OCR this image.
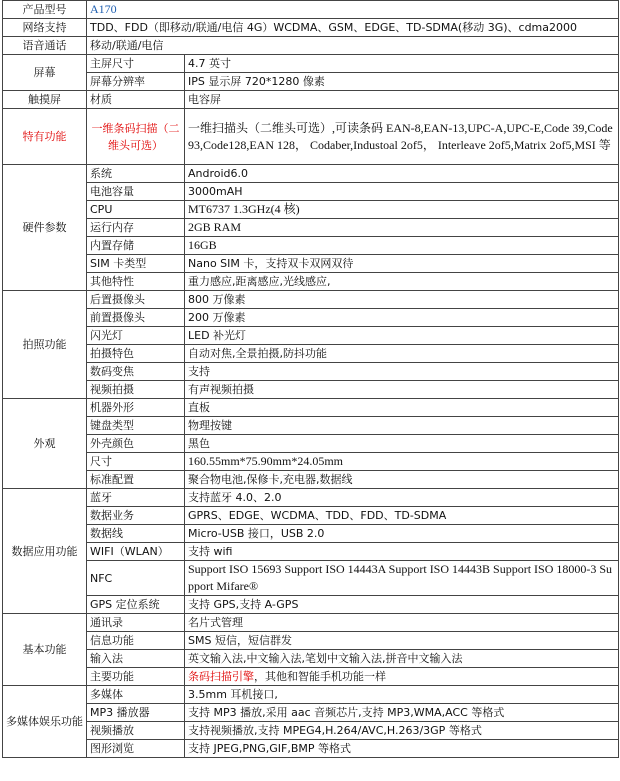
产品型号	A170	
网络支持	TDD、FDD（即移动/联通/电信 4G）WCDMA、GSM、EDGE、TD-SDMA(移动 3G)、cdma2000	
语音通话	移动/联通/电信	
屏幕	主屏尺寸	4.7 英寸
	屏幕分辨率	IPS 显示屏 720*1280 像素
触摸屏	材质	电容屏
特有功能	一维条码扫描（二维头可选）	一维扫描头（二维头可选）,可读条码 EAN-8,EAN-13,UPC-A,UPC-E,Code 39,Code 93,Code128,EAN 128， Codaber,Industoal 2of5， Interleave 2of5,Matrix 2of5,MSI 等
硬件参数	系统	Android6.0
	电池容量	3000mAH
	CPU	MT6737 1.3GHz(4 核)
	运行内存	2GB RAM
	内置存储	16GB
	SIM 卡类型	Nano SIM 卡，支持双卡双网双待
	其他特性	重力感应,距离感应,光线感应,
拍照功能	后置摄像头	800 万像素
	前置摄像头	200 万像素
	闪光灯	LED 补光灯
	拍摄特色	自动对焦,全景拍摄,防抖功能
	数码变焦	支持
	视频拍摄	有声视频拍摄
外观	机器外形	直板
	键盘类型	物理按键
	外壳颜色	黑色
	尺寸	160.55mm*75.90mm*24.05mm
	标准配置	聚合物电池,保修卡,充电器,数据线
数据应用功能	蓝牙	支持蓝牙 4.0、2.0
	数据业务	GPRS、EDGE、WCDMA、TDD、FDD、TD-SDMA
	数据线	Micro-USB 接口，USB 2.0
	WIFI（WLAN）	支持 wifi
	NFC	Support ISO 15693 Support ISO 14443A Support ISO 14443B Support ISO 18000-3 Support Mifare®
	GPS 定位系统	支持 GPS,支持 A-GPS
基本功能	通讯录	名片式管理
	信息功能	SMS 短信，短信群发
	输入法	英文输入法,中文输入法,笔划中文输入法,拼音中文输入法
	主要功能	条码扫描引擎，其他和智能手机功能一样
多媒体娱乐功能	多媒体	3.5mm 耳机接口,
	MP3 播放器	支持 MP3 播放,采用 aac 音频芯片,支持 MP3,WMA,ACC 等格式
	视频播放	支持视频播放,支持 MPEG4,H.264/AVC,H.263/3GP 等格式
	图形浏览	支持 JPEG,PNG,GIF,BMP 等格式
